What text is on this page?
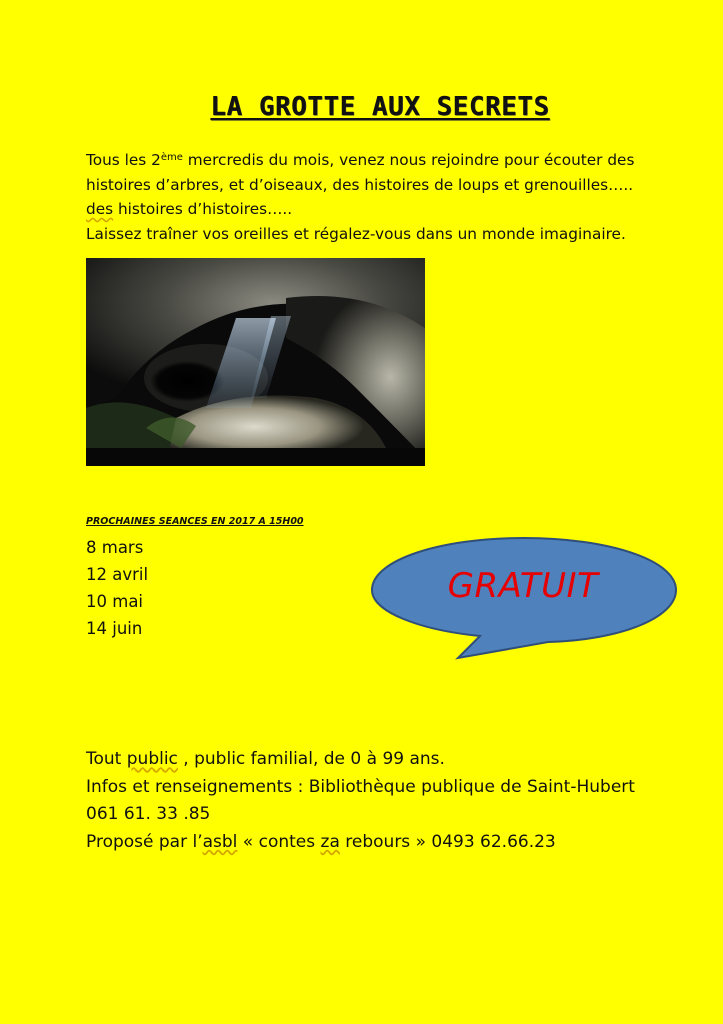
LA GROTTE AUX SECRETS
Tous les 2ème mercredis du mois, venez nous rejoindre pour écouter des
histoires d’arbres, et d’oiseaux, des histoires de loups et grenouilles…..
des histoires d’histoires…..
Laissez traîner vos oreilles et régalez-vous dans un monde imaginaire.
PROCHAINES SEANCES EN 2017 A 15H00
8 mars
12 avril
10 mai
14 juin
GRATUIT
Tout public , public familial, de 0 à 99 ans.
Infos et renseignements : Bibliothèque publique de Saint-Hubert
061 61. 33 .85
Proposé par l’asbl « contes za rebours » 0493 62.66.23
